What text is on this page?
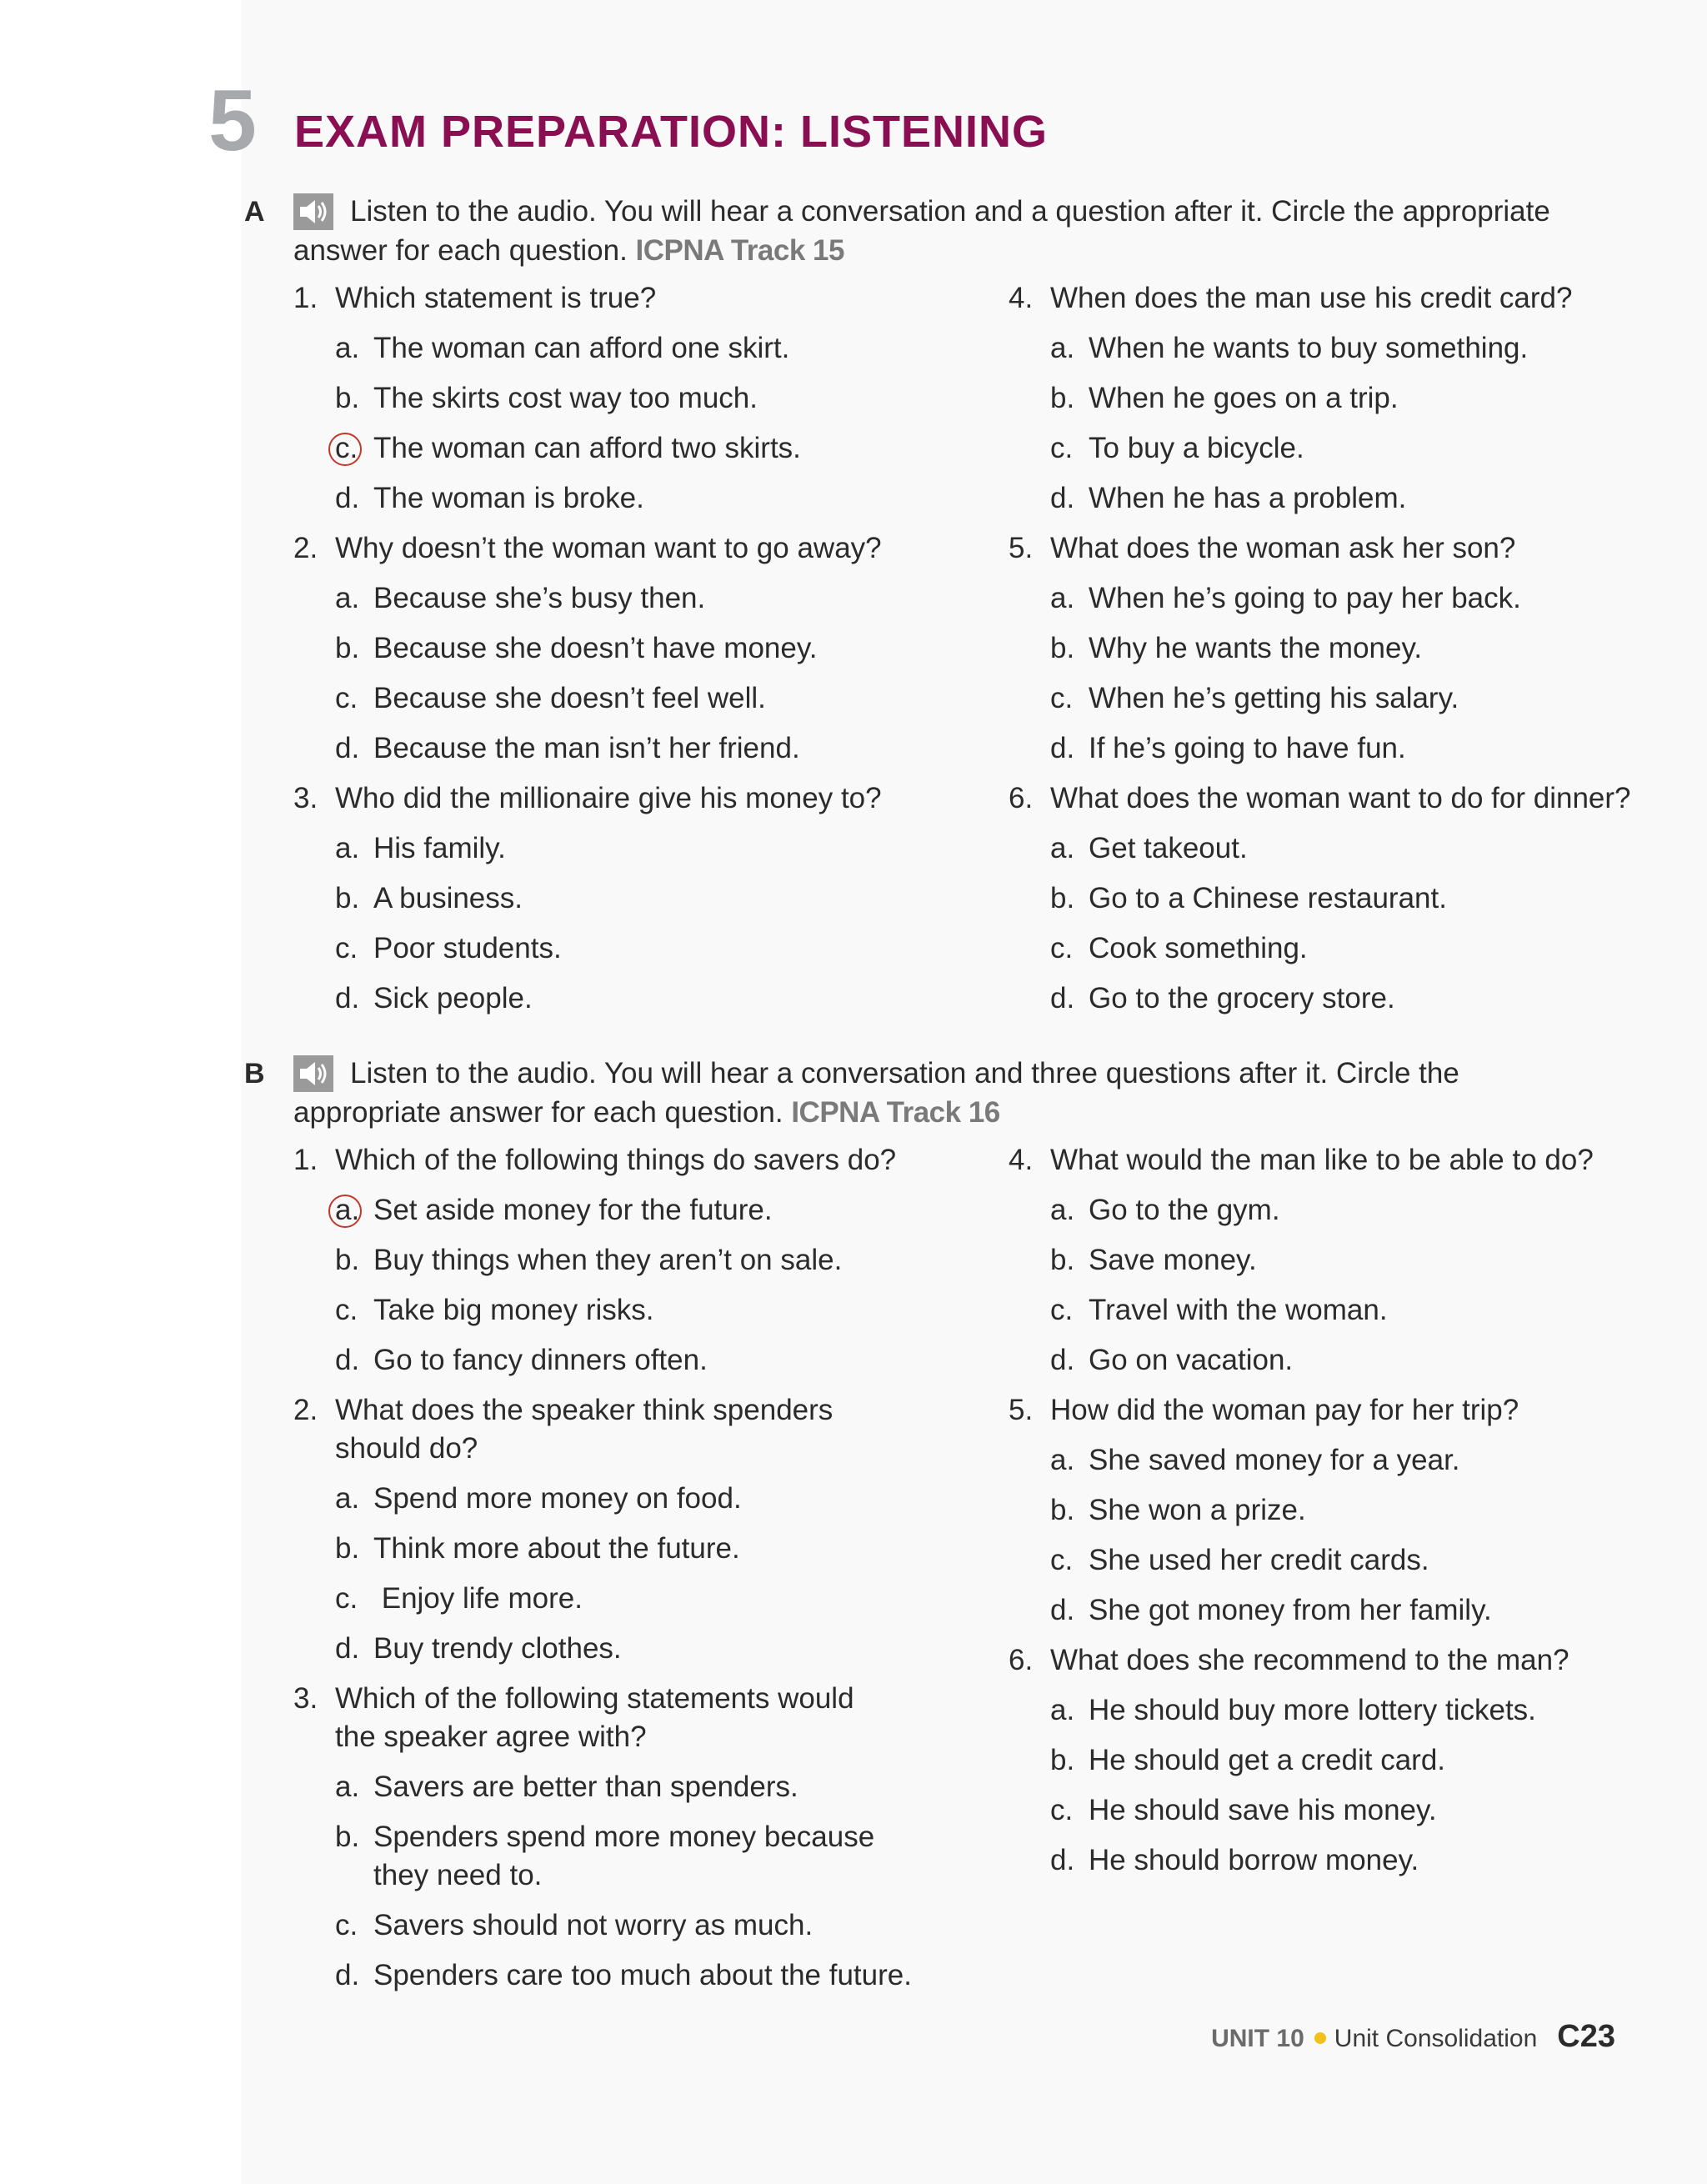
5 EXAM PREPARATION: LISTENING
A	Listen to the audio. You will hear a conversation and a question after it. Circle the appropriate
answer for each question. ICPNA Track 15
B	Listen to the audio. You will hear a conversation and three questions after it. Circle the
appropriate answer for each question. ICPNA Track 16
1. Which statement is true?
a. The woman can afford one skirt.
b. The skirts cost way too much.
c. The woman can afford two skirts.
d. The woman is broke.
2. Why doesn’t the woman want to go away?
a. Because she’s busy then.
b. Because she doesn’t have money.
c. Because she doesn’t feel well.
d. Because the man isn’t her friend.
3. Who did the millionaire give his money to?
a. His family.
b. A business.
c. Poor students.
d. Sick people.
4. When does the man use his credit card?
a. When he wants to buy something.
b. When he goes on a trip.
c. To buy a bicycle.
d. When he has a problem.
5. What does the woman ask her son?
a. When he’s going to pay her back.
b. Why he wants the money.
c. When he’s getting his salary.
d. If he’s going to have fun.
6. What does the woman want to do for dinner?
a. Get takeout.
b. Go to a Chinese restaurant.
c. Cook something.
d. Go to the grocery store.
1. Which of the following things do savers do?
a. Set aside money for the future.
b. Buy things when they aren’t on sale.
c. Take big money risks.
d. Go to fancy dinners often.
2. What does the speaker think spenders
should do?
a. Spend more money on food.
b. Think more about the future.
c. Enjoy life more.
d. Buy trendy clothes.
3. Which of the following statements would
the speaker agree with?
a. Savers are better than spenders.
b. Spenders spend more money because
they need to.
c. Savers should not worry as much.
d. Spenders care too much about the future.
4. What would the man like to be able to do?
a. Go to the gym.
b. Save money.
c. Travel with the woman.
d. Go on vacation.
5. How did the woman pay for her trip?
a. She saved money for a year.
b. She won a prize.
c. She used her credit cards.
d. She got money from her family.
6. What does she recommend to the man?
a. He should buy more lottery tickets.
b. He should get a credit card.
c. He should save his money.
d. He should borrow money.
UNIT 10 Unit Consolidation C23
